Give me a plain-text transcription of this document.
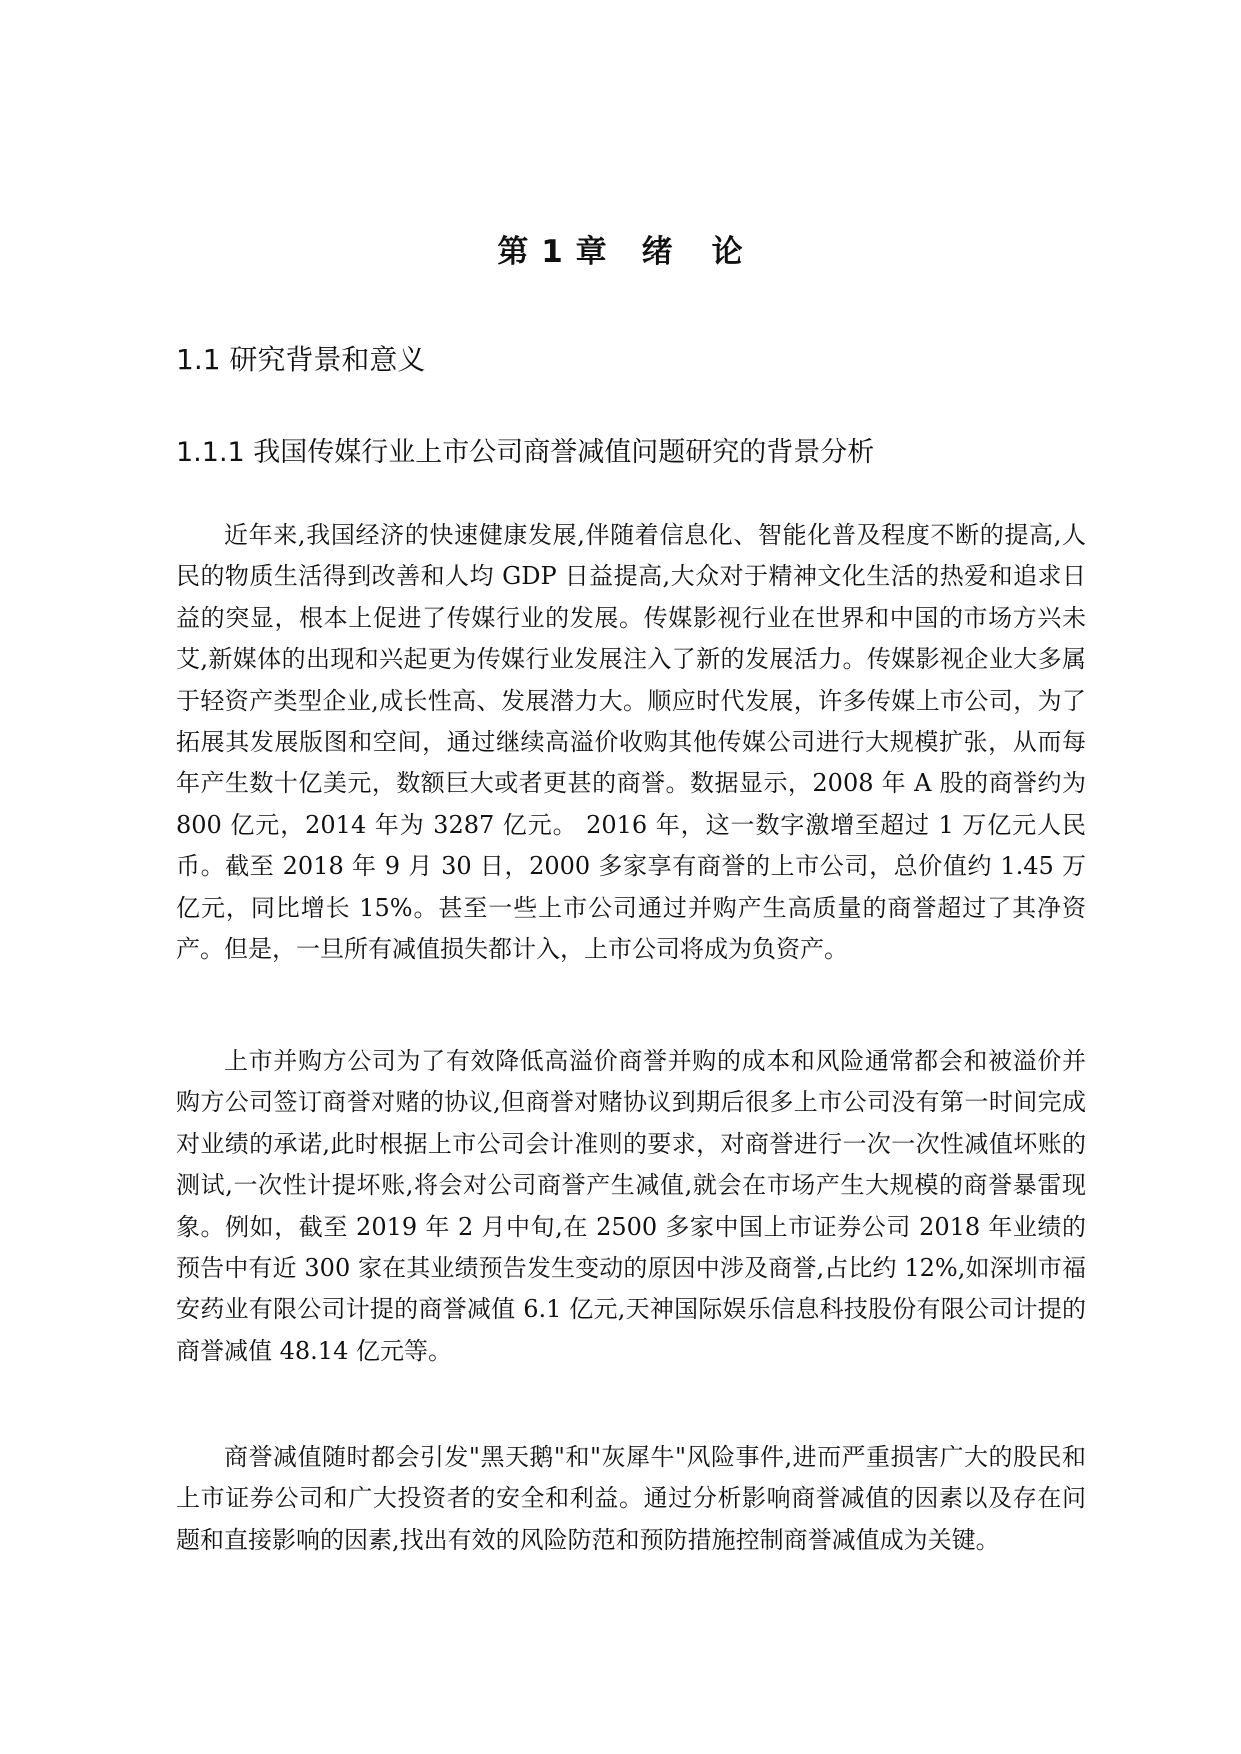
第 1 章 绪 论
1.1 研究背景和意义
1.1.1 我国传媒行业上市公司商誉减值问题研究的背景分析

近年来,我国经济的快速健康发展,伴随着信息化、智能化普及程度不断的提高,人民的物质生活得到改善和人均 GDP 日益提高,大众对于精神文化生活的热爱和追求日益的突显，根本上促进了传媒行业的发展。传媒影视行业在世界和中国的市场方兴未艾,新媒体的出现和兴起更为传媒行业发展注入了新的发展活力。传媒影视企业大多属于轻资产类型企业,成长性高、发展潜力大。顺应时代发展，许多传媒上市公司，为了拓展其发展版图和空间，通过继续高溢价收购其他传媒公司进行大规模扩张，从而每年产生数十亿美元，数额巨大或者更甚的商誉。数据显示，2008 年 A 股的商誉约为 800 亿元，2014 年为 3287 亿元。 2016 年，这一数字激增至超过 1 万亿元人民币。截至 2018 年 9 月 30 日，2000 多家享有商誉的上市公司，总价值约 1.45 万亿元，同比增长 15%。甚至一些上市公司通过并购产生高质量的商誉超过了其净资产。但是，一旦所有减值损失都计入，上市公司将成为负资产。

上市并购方公司为了有效降低高溢价商誉并购的成本和风险通常都会和被溢价并购方公司签订商誉对赌的协议,但商誉对赌协议到期后很多上市公司没有第一时间完成对业绩的承诺,此时根据上市公司会计准则的要求，对商誉进行一次一次性减值坏账的测试,一次性计提坏账,将会对公司商誉产生减值,就会在市场产生大规模的商誉暴雷现象。例如，截至 2019 年 2 月中旬,在 2500 多家中国上市证券公司 2018 年业绩的预告中有近 300 家在其业绩预告发生变动的原因中涉及商誉,占比约 12%,如深圳市福安药业有限公司计提的商誉减值 6.1 亿元,天神国际娱乐信息科技股份有限公司计提的商誉减值 48.14 亿元等。

商誉减值随时都会引发"黑天鹅"和"灰犀牛"风险事件,进而严重损害广大的股民和上市证券公司和广大投资者的安全和利益。通过分析影响商誉减值的因素以及存在问题和直接影响的因素,找出有效的风险防范和预防措施控制商誉减值成为关键。
